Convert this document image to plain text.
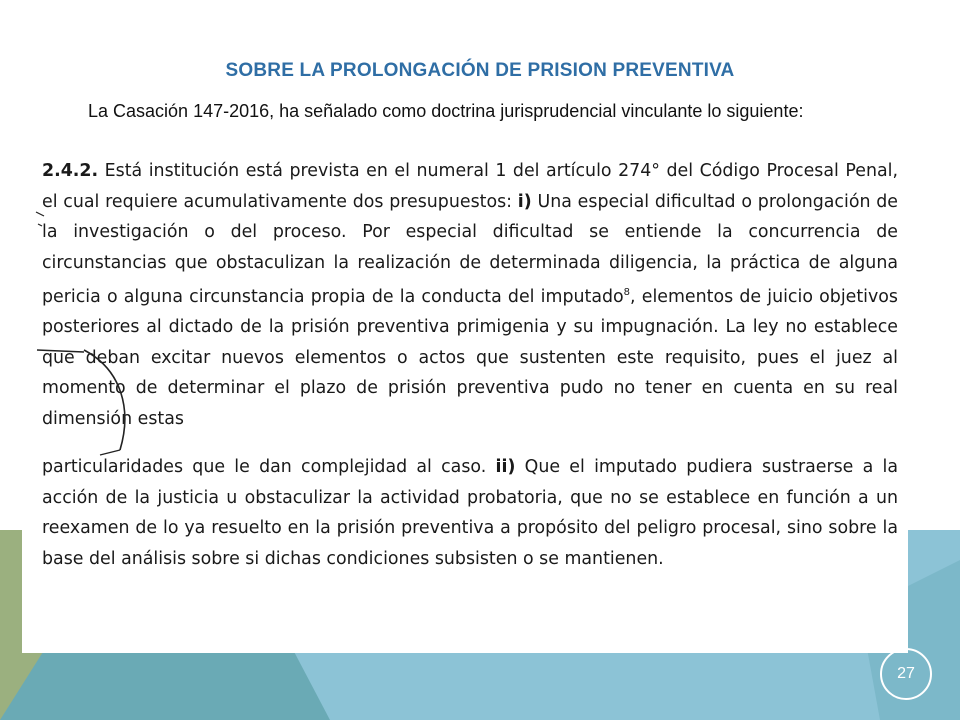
SOBRE LA PROLONGACIÓN DE PRISION PREVENTIVA
La Casación 147-2016, ha señalado como doctrina jurisprudencial vinculante lo siguiente:
2.4.2. Está institución está prevista en el numeral 1 del artículo 274° del Código Procesal Penal, el cual requiere acumulativamente dos presupuestos: i) Una especial dificultad o prolongación de la investigación o del proceso. Por especial dificultad se entiende la concurrencia de circunstancias que obstaculizan la realización de determinada diligencia, la práctica de alguna pericia o alguna circunstancia propia de la conducta del imputado$^8$, elementos de juicio objetivos posteriores al dictado de la prisión preventiva primigenia y su impugnación. La ley no establece que deban excitar nuevos elementos o actos que sustenten este requisito, pues el juez al momento de determinar el plazo de prisión preventiva pudo no tener en cuenta en su real dimensión estas
particularidades que le dan complejidad al caso. ii) Que el imputado pudiera sustraerse a la acción de la justicia u obstaculizar la actividad probatoria, que no se establece en función a un reexamen de lo ya resuelto en la prisión preventiva a propósito del peligro procesal, sino sobre la base del análisis sobre si dichas condiciones subsisten o se mantienen.
27
